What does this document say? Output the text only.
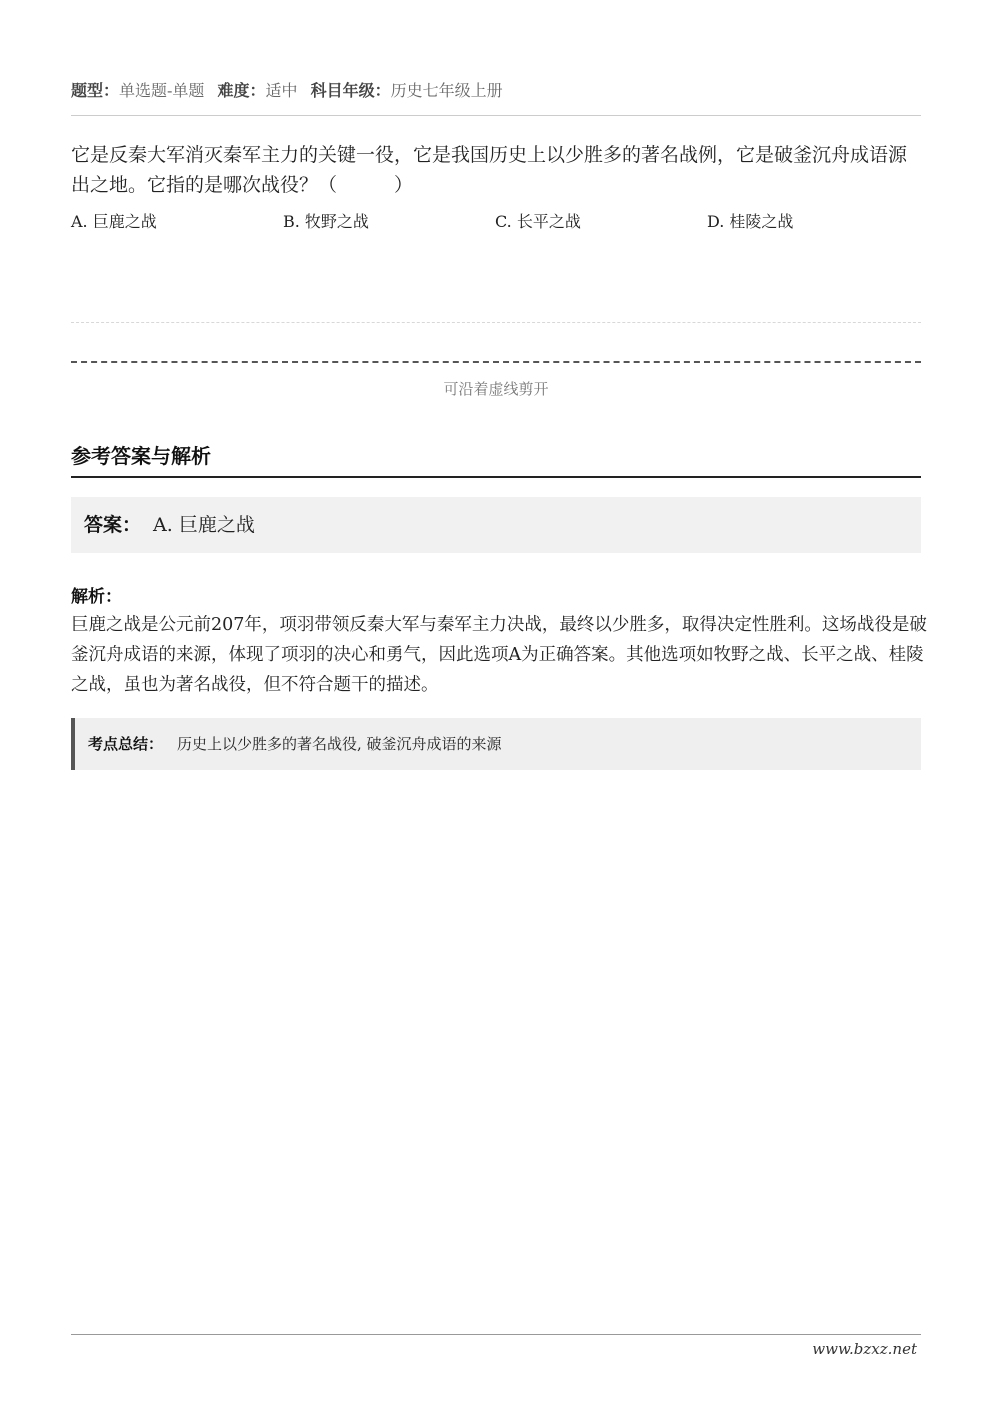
题型：单选题-单题 难度：适中 科目年级：历史七年级上册
它是反秦大军消灭秦军主力的关键一役，它是我国历史上以少胜多的著名战例，它是破釜沉舟成语源出之地。它指的是哪次战役？（　　　）
A. 巨鹿之战	B. 牧野之战	C. 长平之战	D. 桂陵之战
可沿着虚线剪开
参考答案与解析
答案： A. 巨鹿之战
解析：
巨鹿之战是公元前207年，项羽带领反秦大军与秦军主力决战，最终以少胜多，取得决定性胜利。这场战役是破釜沉舟成语的来源，体现了项羽的决心和勇气，因此选项A为正确答案。其他选项如牧野之战、长平之战、桂陵之战，虽也为著名战役，但不符合题干的描述。
考点总结： 历史上以少胜多的著名战役, 破釜沉舟成语的来源
www.bzxz.net
